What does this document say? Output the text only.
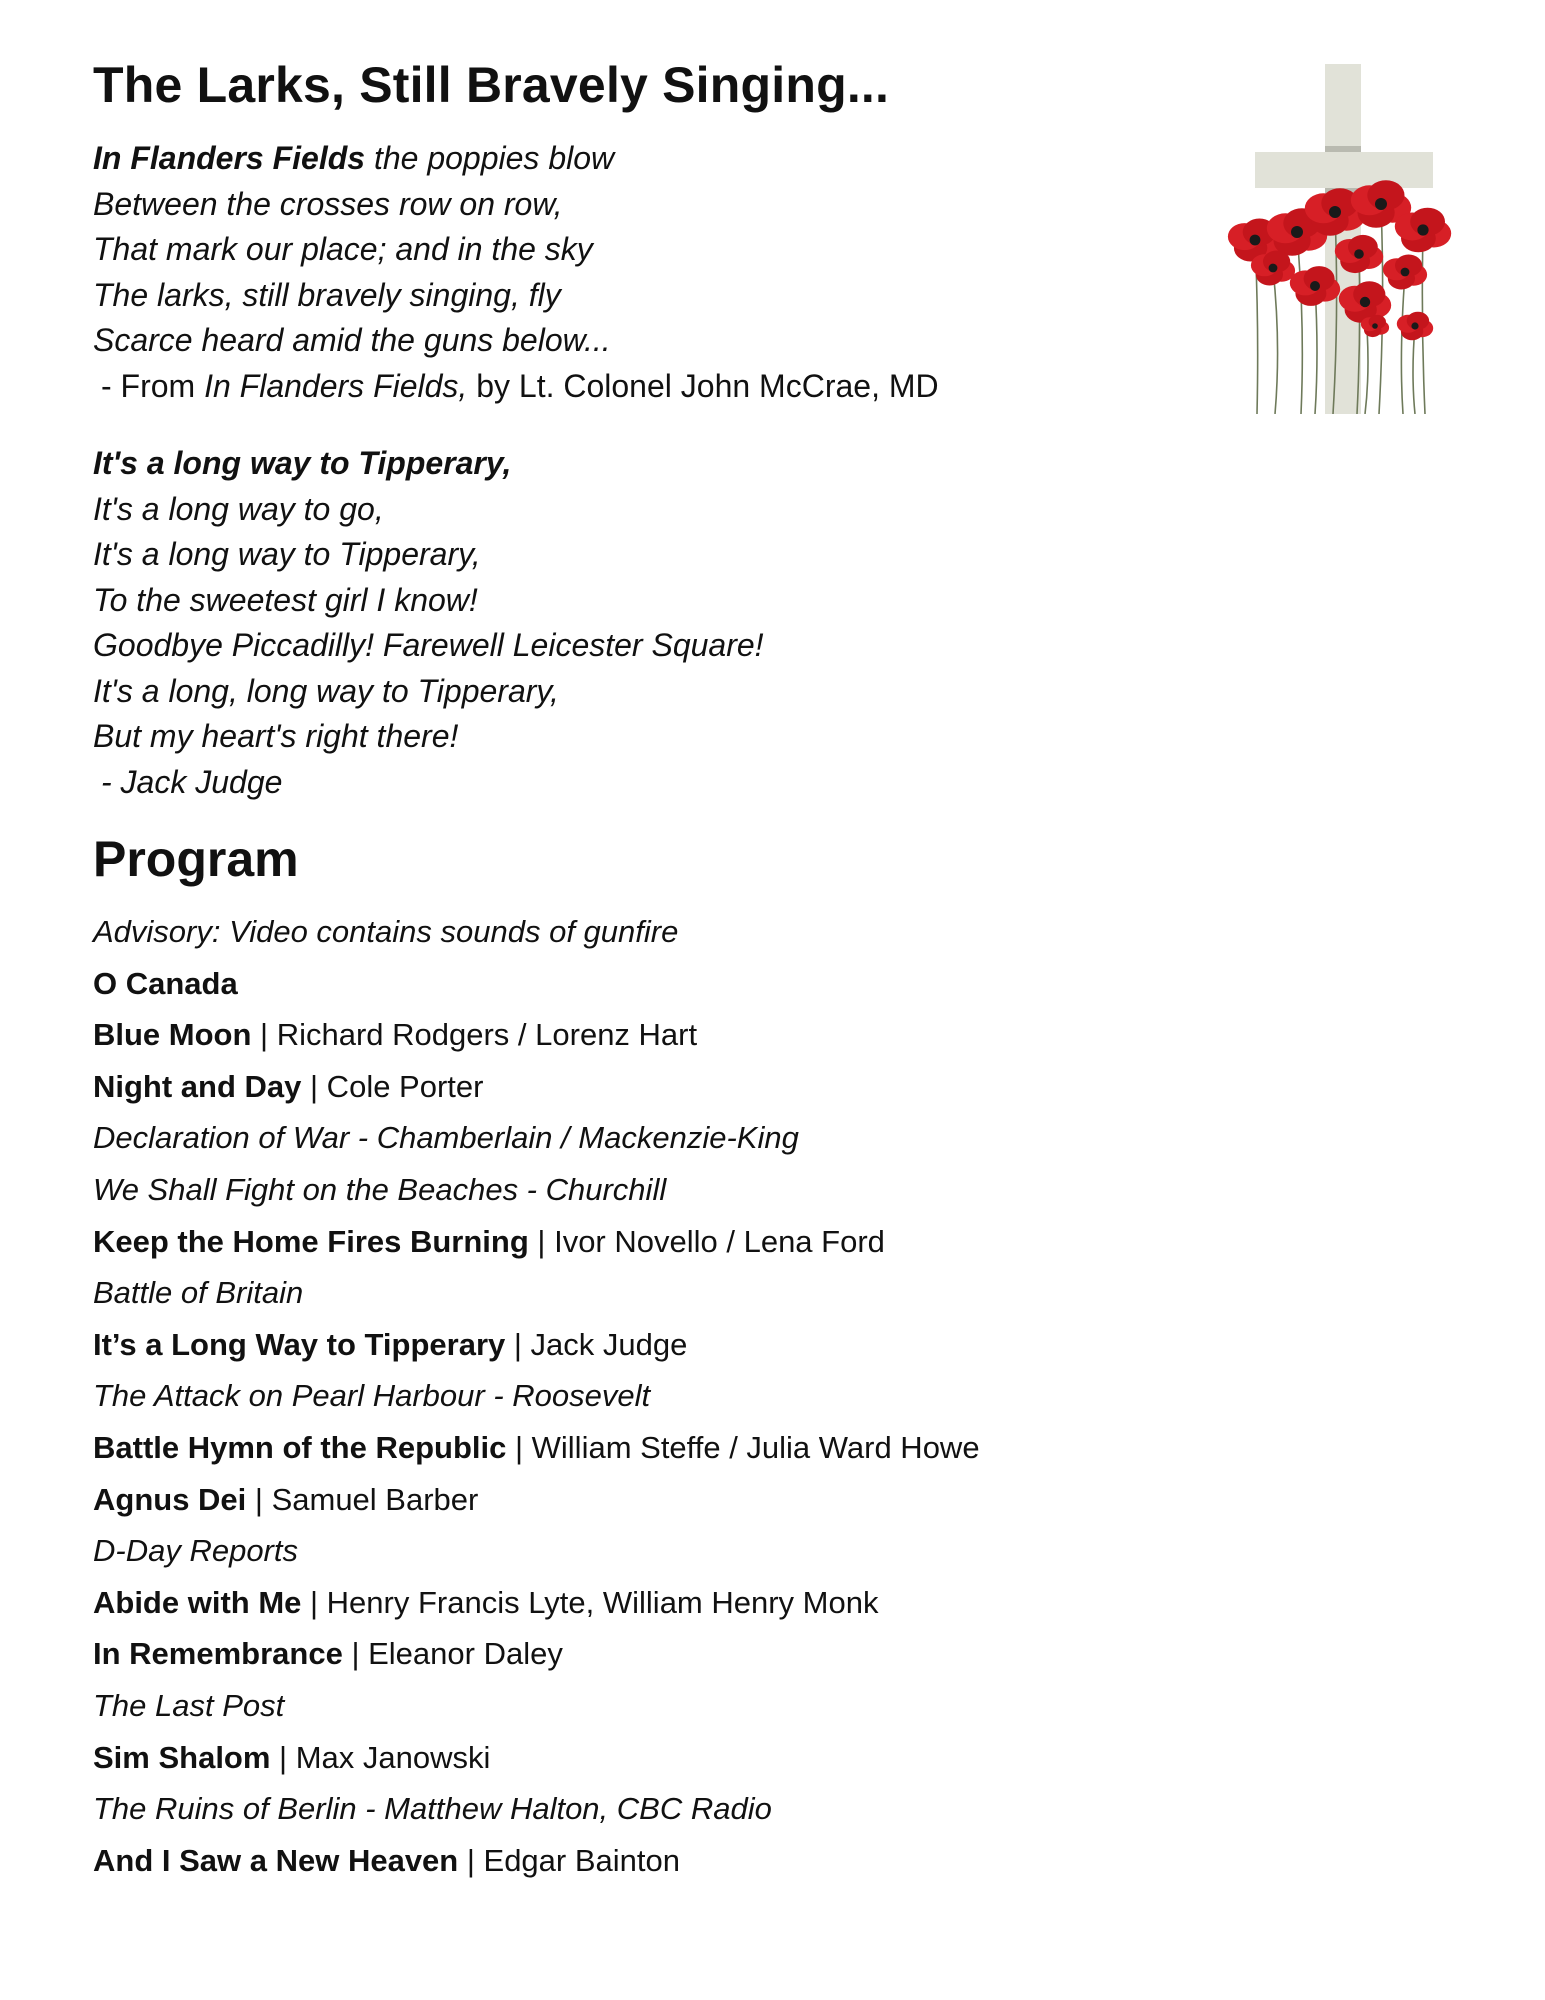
The Larks, Still Bravely Singing...
In Flanders Fields the poppies blow
Between the crosses row on row,
That mark our place; and in the sky
The larks, still bravely singing, fly
Scarce heard amid the guns below...
- From In Flanders Fields, by Lt. Colonel John McCrae, MD
It's a long way to Tipperary,
It's a long way to go,
It's a long way to Tipperary,
To the sweetest girl I know!
Goodbye Piccadilly! Farewell Leicester Square!
It's a long, long way to Tipperary,
But my heart's right there!
- Jack Judge
Program
Advisory: Video contains sounds of gunfire
O Canada
Blue Moon | Richard Rodgers / Lorenz Hart
Night and Day | Cole Porter
Declaration of War - Chamberlain / Mackenzie-King
We Shall Fight on the Beaches - Churchill
Keep the Home Fires Burning | Ivor Novello / Lena Ford
Battle of Britain
It’s a Long Way to Tipperary | Jack Judge
The Attack on Pearl Harbour - Roosevelt
Battle Hymn of the Republic | William Steffe / Julia Ward Howe
Agnus Dei | Samuel Barber
D-Day Reports
Abide with Me | Henry Francis Lyte, William Henry Monk
In Remembrance | Eleanor Daley
The Last Post
Sim Shalom | Max Janowski
The Ruins of Berlin - Matthew Halton, CBC Radio
And I Saw a New Heaven | Edgar Bainton
